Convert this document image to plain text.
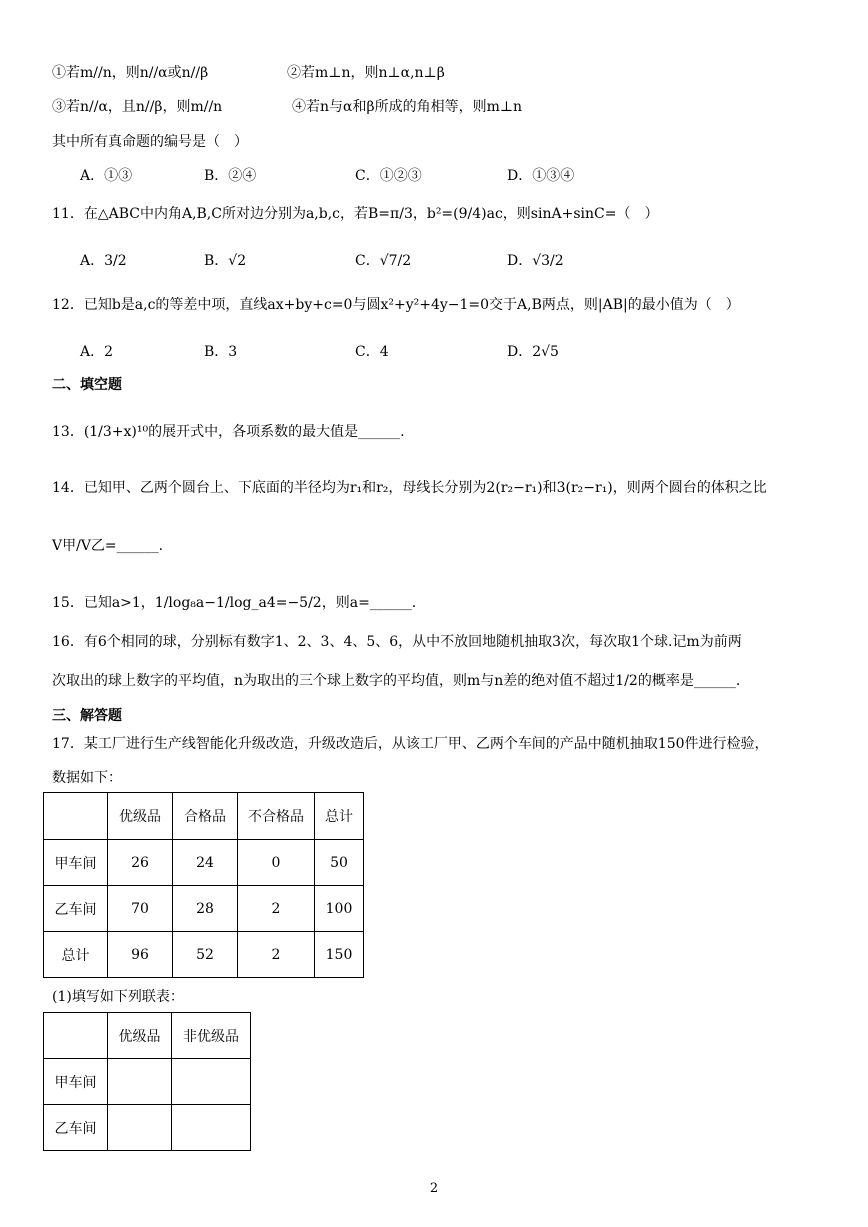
①若m//n，则n//α或n//β	②若m⊥n，则n⊥α,n⊥β
③若n//α，且n//β，则m//n	④若n与α和β所成的角相等，则m⊥n
其中所有真命题的编号是（　）
A．①③	B．②④	C．①②③	D．①③④
11．在△ABC中内角A,B,C所对边分别为a,b,c，若B=π/3，b²=(9/4)ac，则sinA+sinC=（　）
A．3/2	B．√2	C．√7/2	D．√3/2
12．已知b是a,c的等差中项，直线ax+by+c=0与圆x²+y²+4y−1=0交于A,B两点，则|AB|的最小值为（　）
A．2	B．3	C．4	D．2√5
二、填空题
13．(1/3+x)¹⁰的展开式中，各项系数的最大值是______.
14．已知甲、乙两个圆台上、下底面的半径均为r₁和r₂，母线长分别为2(r₂−r₁)和3(r₂−r₁)，则两个圆台的体积之比
V甲/V乙=______.
15．已知a>1，1/log₈a−1/log_a4=−5/2，则a=______.
16．有6个相同的球，分别标有数字1、2、3、4、5、6，从中不放回地随机抽取3次，每次取1个球.记m为前两
次取出的球上数字的平均值，n为取出的三个球上数字的平均值，则m与n差的绝对值不超过1/2的概率是______.
三、解答题
17．某工厂进行生产线智能化升级改造，升级改造后，从该工厂甲、乙两个车间的产品中随机抽取150件进行检验，
数据如下：
	优级品	合格品	不合格品	总计
甲车间	26	24	0	50
乙车间	70	28	2	100
总计	96	52	2	150
(1)填写如下列联表：
	优级品	非优级品
甲车间		
乙车间		
2
